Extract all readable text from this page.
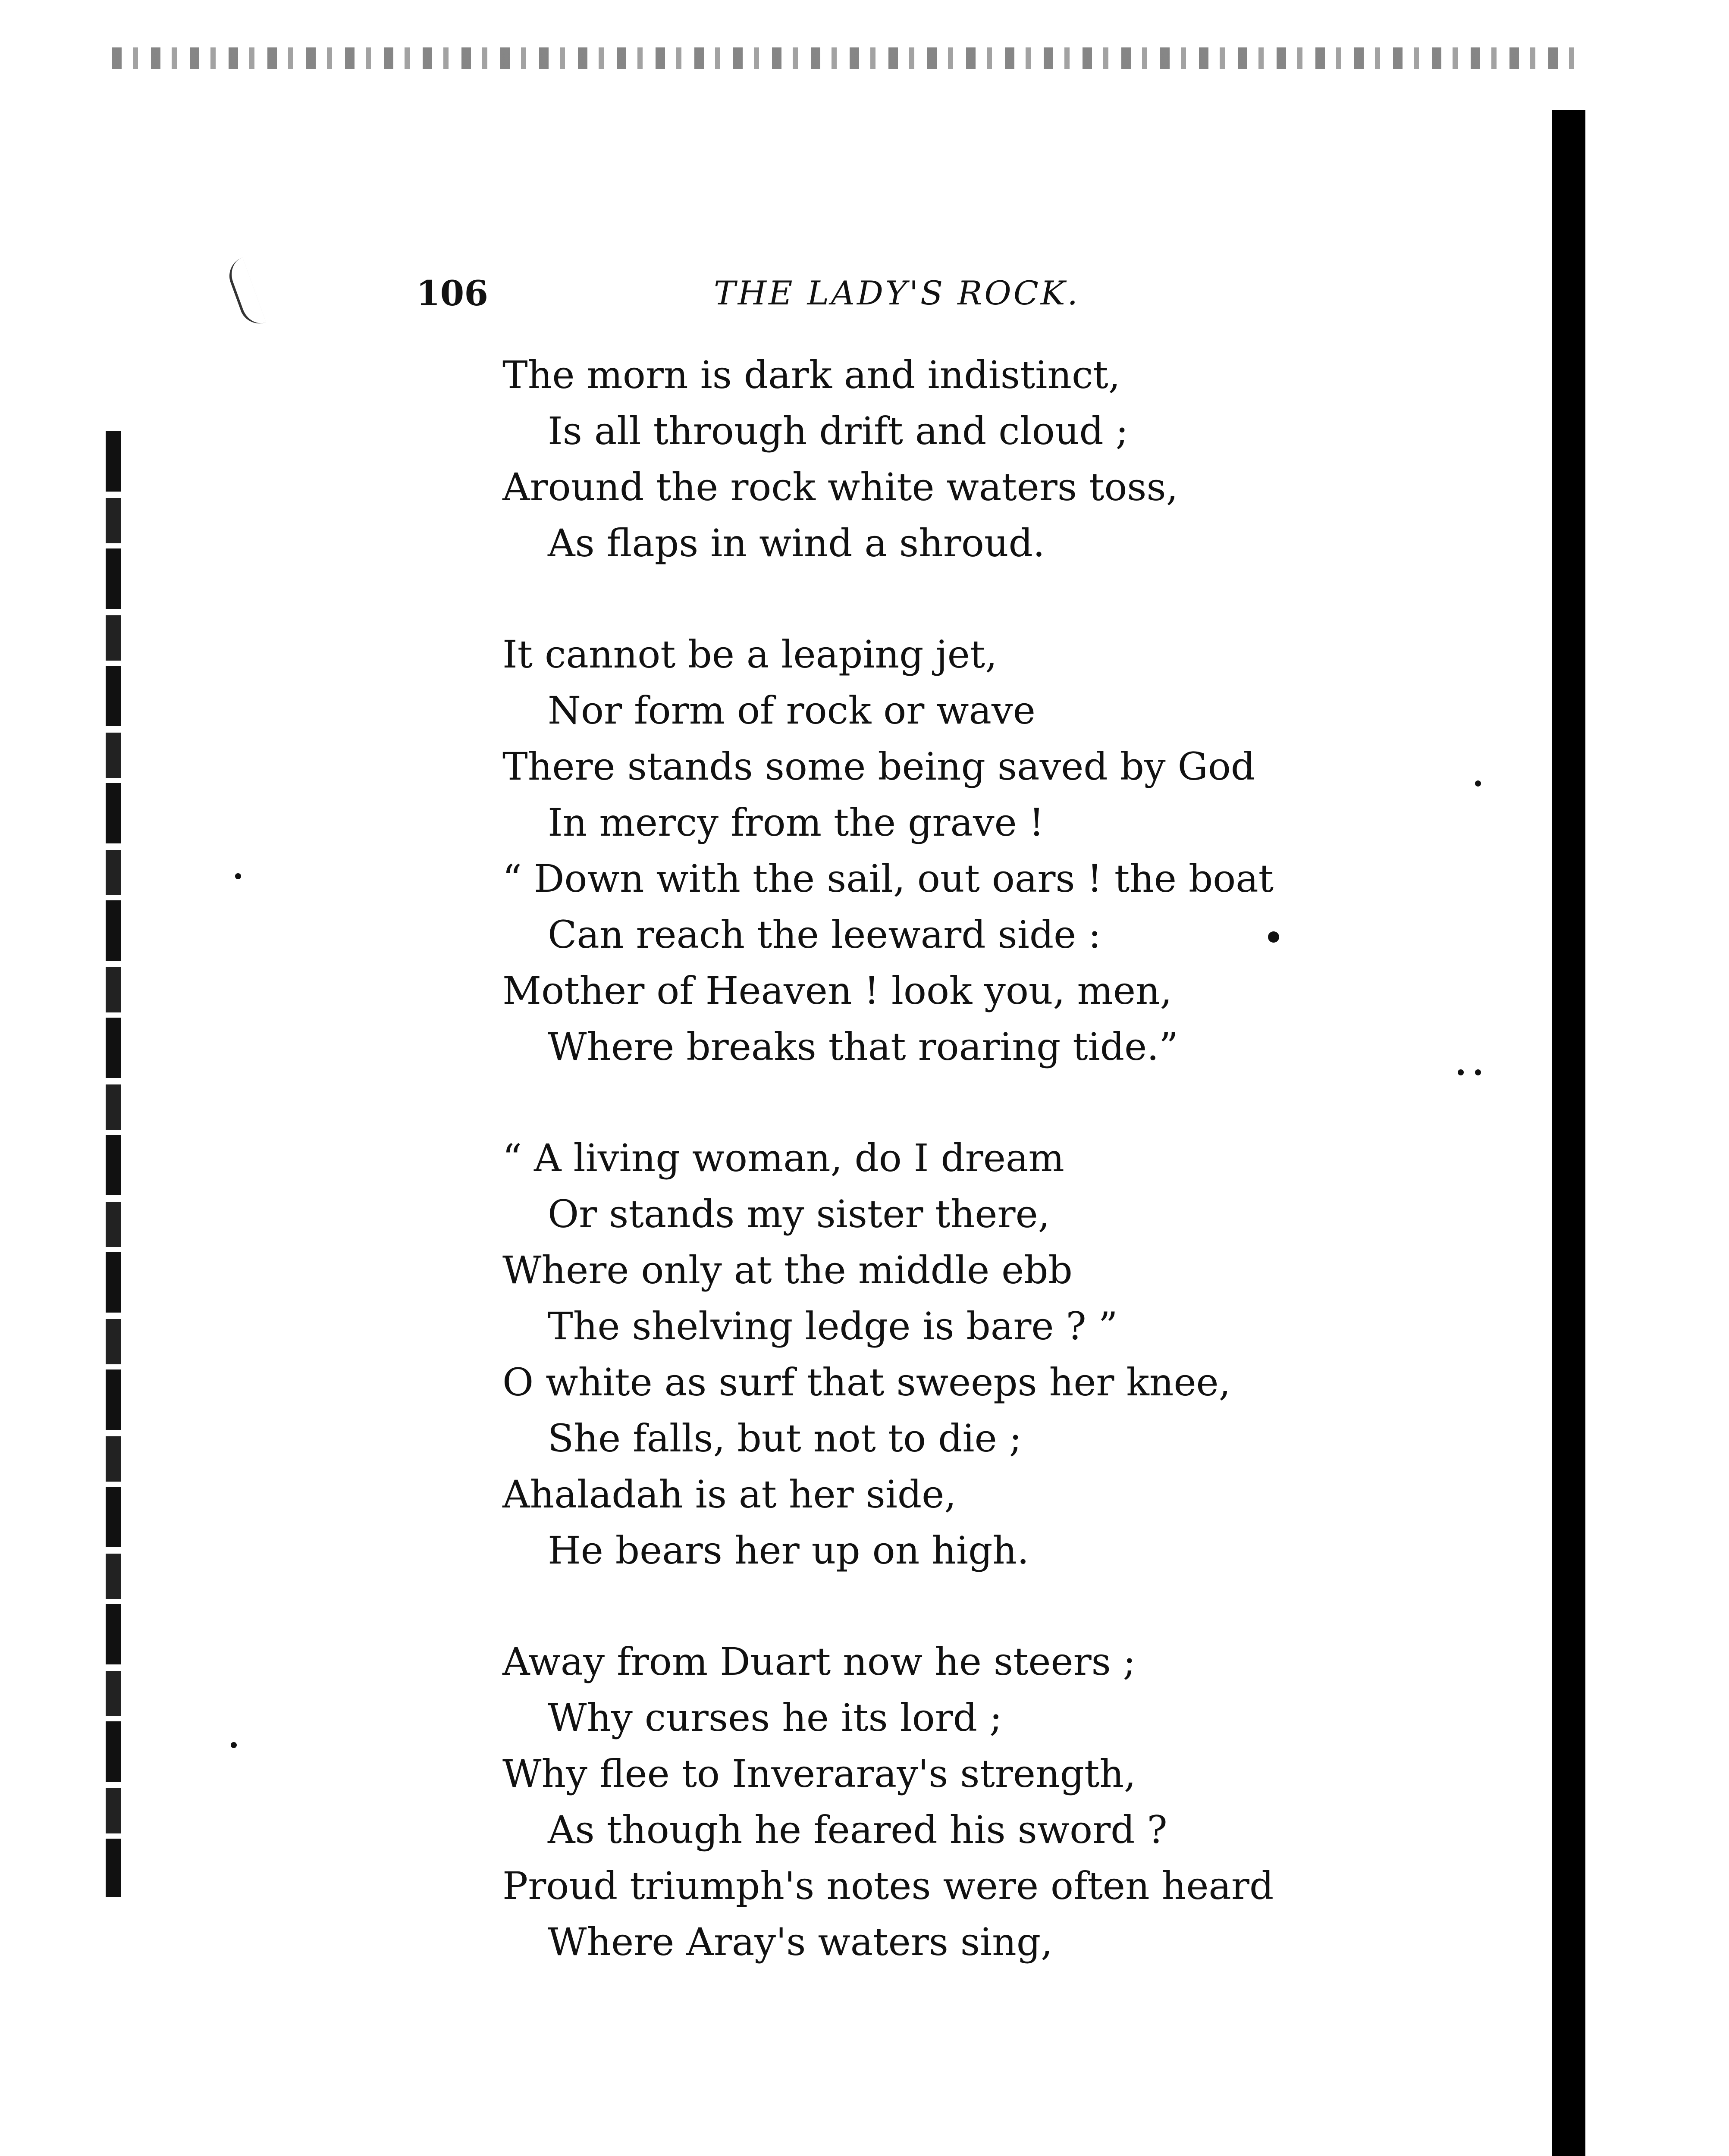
106	THE LADY'S ROCK.
The morn is dark and indistinct,
Is all through drift and cloud ;
Around the rock white waters toss,
As flaps in wind a shroud.
It cannot be a leaping jet,
Nor form of rock or wave
There stands some being saved by God
In mercy from the grave !
“ Down with the sail, out oars ! the boat
Can reach the leeward side :
Mother of Heaven ! look you, men,
Where breaks that roaring tide.”
“ A living woman, do I dream
Or stands my sister there,
Where only at the middle ebb
The shelving ledge is bare ? ”
O white as surf that sweeps her knee,
She falls, but not to die ;
Ahaladah is at her side,
He bears her up on high.
Away from Duart now he steers ;
Why curses he its lord ;
Why flee to Inveraray's strength,
As though he feared his sword ?
Proud triumph's notes were often heard
Where Aray's waters sing,
